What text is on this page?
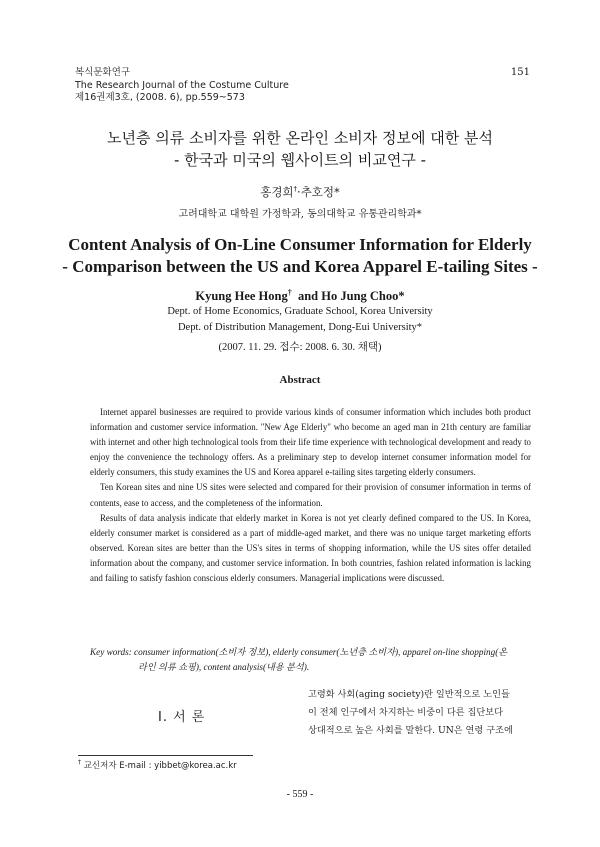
복식문화연구
The Research Journal of the Costume Culture
제16권제3호, (2008. 6), pp.559~573
151
노년층 의류 소비자를 위한 온라인 소비자 정보에 대한 분석
- 한국과 미국의 웹사이트의 비교연구 -
홍경희†·추호정*
고려대학교 대학원 가정학과, 동의대학교 유통관리학과*
Content Analysis of On-Line Consumer Information for Elderly
- Comparison between the US and Korea Apparel E-tailing Sites -
Kyung Hee Hong† and Ho Jung Choo*
Dept. of Home Economics, Graduate School, Korea University
Dept. of Distribution Management, Dong-Eui University*
(2007. 11. 29. 접수: 2008. 6. 30. 채택)
Abstract

Internet apparel businesses are required to provide various kinds of consumer information which includes both product information and customer service information. "New Age Elderly" who become an aged man in 21th century are familiar with internet and other high technological tools from their life time experience with technological development and ready to enjoy the convenience the technology offers. As a preliminary step to develop internet consumer information model for elderly consumers, this study examines the US and Korea apparel e-tailing sites targeting elderly consumers.

Ten Korean sites and nine US sites were selected and compared for their provision of consumer information in terms of contents, ease to access, and the completeness of the information.

Results of data analysis indicate that elderly market in Korea is not yet clearly defined compared to the US. In Korea, elderly consumer market is considered as a part of middle-aged market, and there was no unique target marketing efforts observed. Korean sites are better than the US's sites in terms of shopping information, while the US sites offer detailed information about the company, and customer service information. In both countries, fashion related information is lacking and failing to satisfy fashion conscious elderly consumers. Managerial implications were discussed.

Key words: consumer information(소비자 정보), elderly consumer(노년층 소비자), apparel on-line shopping(온
라인 의류 쇼핑), content analysis(내용 분석).
I. 서 론
고령화 사회(aging society)란 일반적으로 노인들
이 전체 인구에서 차지하는 비중이 다른 집단보다
상대적으로 높은 사회를 말한다. UN은 연령 구조에
† 교신저자 E-mail : yibbet@korea.ac.kr
- 559 -
